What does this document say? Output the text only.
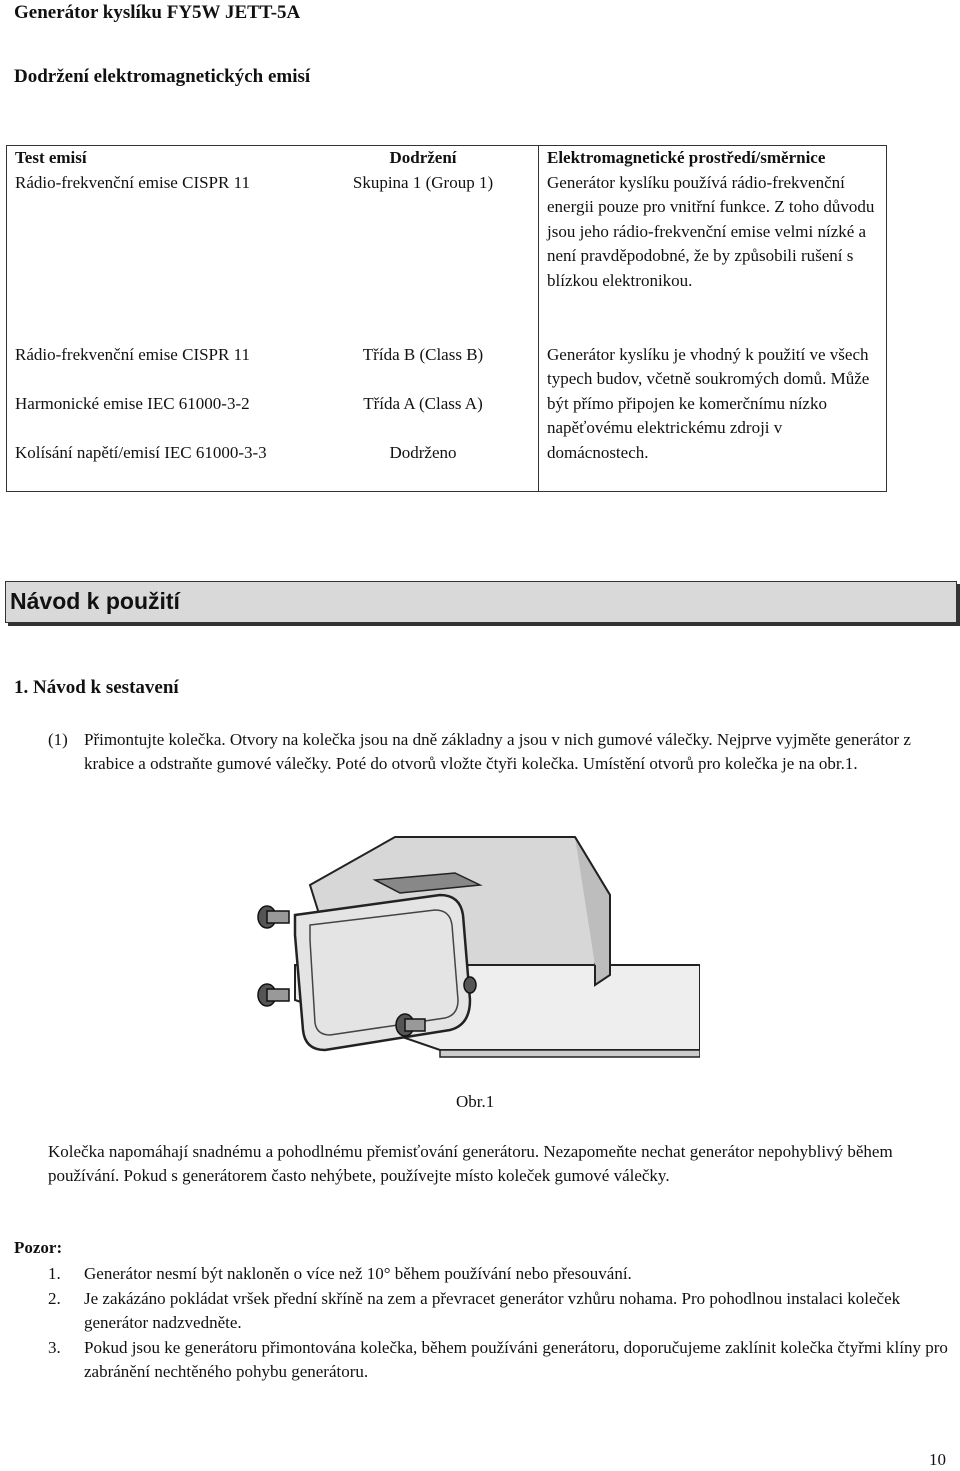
Generátor kyslíku FY5W JETT-5A
Dodržení elektromagnetických emisí
Test emisí	Dodržení	Elektromagnetické prostředí/směrnice
Rádio-frekvenční emise CISPR 11	Skupina 1 (Group 1)	Generátor kyslíku používá rádio-frekvenční energii pouze pro vnitřní funkce. Z toho důvodu jsou jeho rádio-frekvenční emise velmi nízké a není pravděpodobné, že by způsobili rušení s blízkou elektronikou.
Rádio-frekvenční emise CISPR 11	Třída B (Class B)	Generátor kyslíku je vhodný k použití ve všech typech budov, včetně soukromých domů. Může být přímo připojen ke komerčnímu nízko napěťovému elektrickému zdroji v domácnostech.
Harmonické emise IEC 61000-3-2	Třída A (Class A)	
Kolísání napětí/emisí IEC 61000-3-3	Dodrženo	
Návod k použití
1. Návod k sestavení
(1) Přimontujte kolečka. Otvory na kolečka jsou na dně základny a jsou v nich gumové válečky. Nejprve vyjměte generátor z krabice a odstraňte gumové válečky. Poté do otvorů vložte čtyři kolečka. Umístění otvorů pro kolečka je na obr.1.
Obr.1
Kolečka napomáhají snadnému a pohodlnému přemisťování generátoru. Nezapomeňte nechat generátor nepohyblivý během používání. Pokud s generátorem často nehýbete, používejte místo koleček gumové válečky.
Pozor:
1. Generátor nesmí být nakloněn o více než 10° během používání nebo přesouvání.
2. Je zakázáno pokládat vršek přední skříně na zem a převracet generátor vzhůru nohama. Pro pohodlnou instalaci koleček generátor nadzvedněte.
3. Pokud jsou ke generátoru přimontována kolečka, během používáni generátoru, doporučujeme zaklínit kolečka čtyřmi klíny pro zabránění nechtěného pohybu generátoru.
10
